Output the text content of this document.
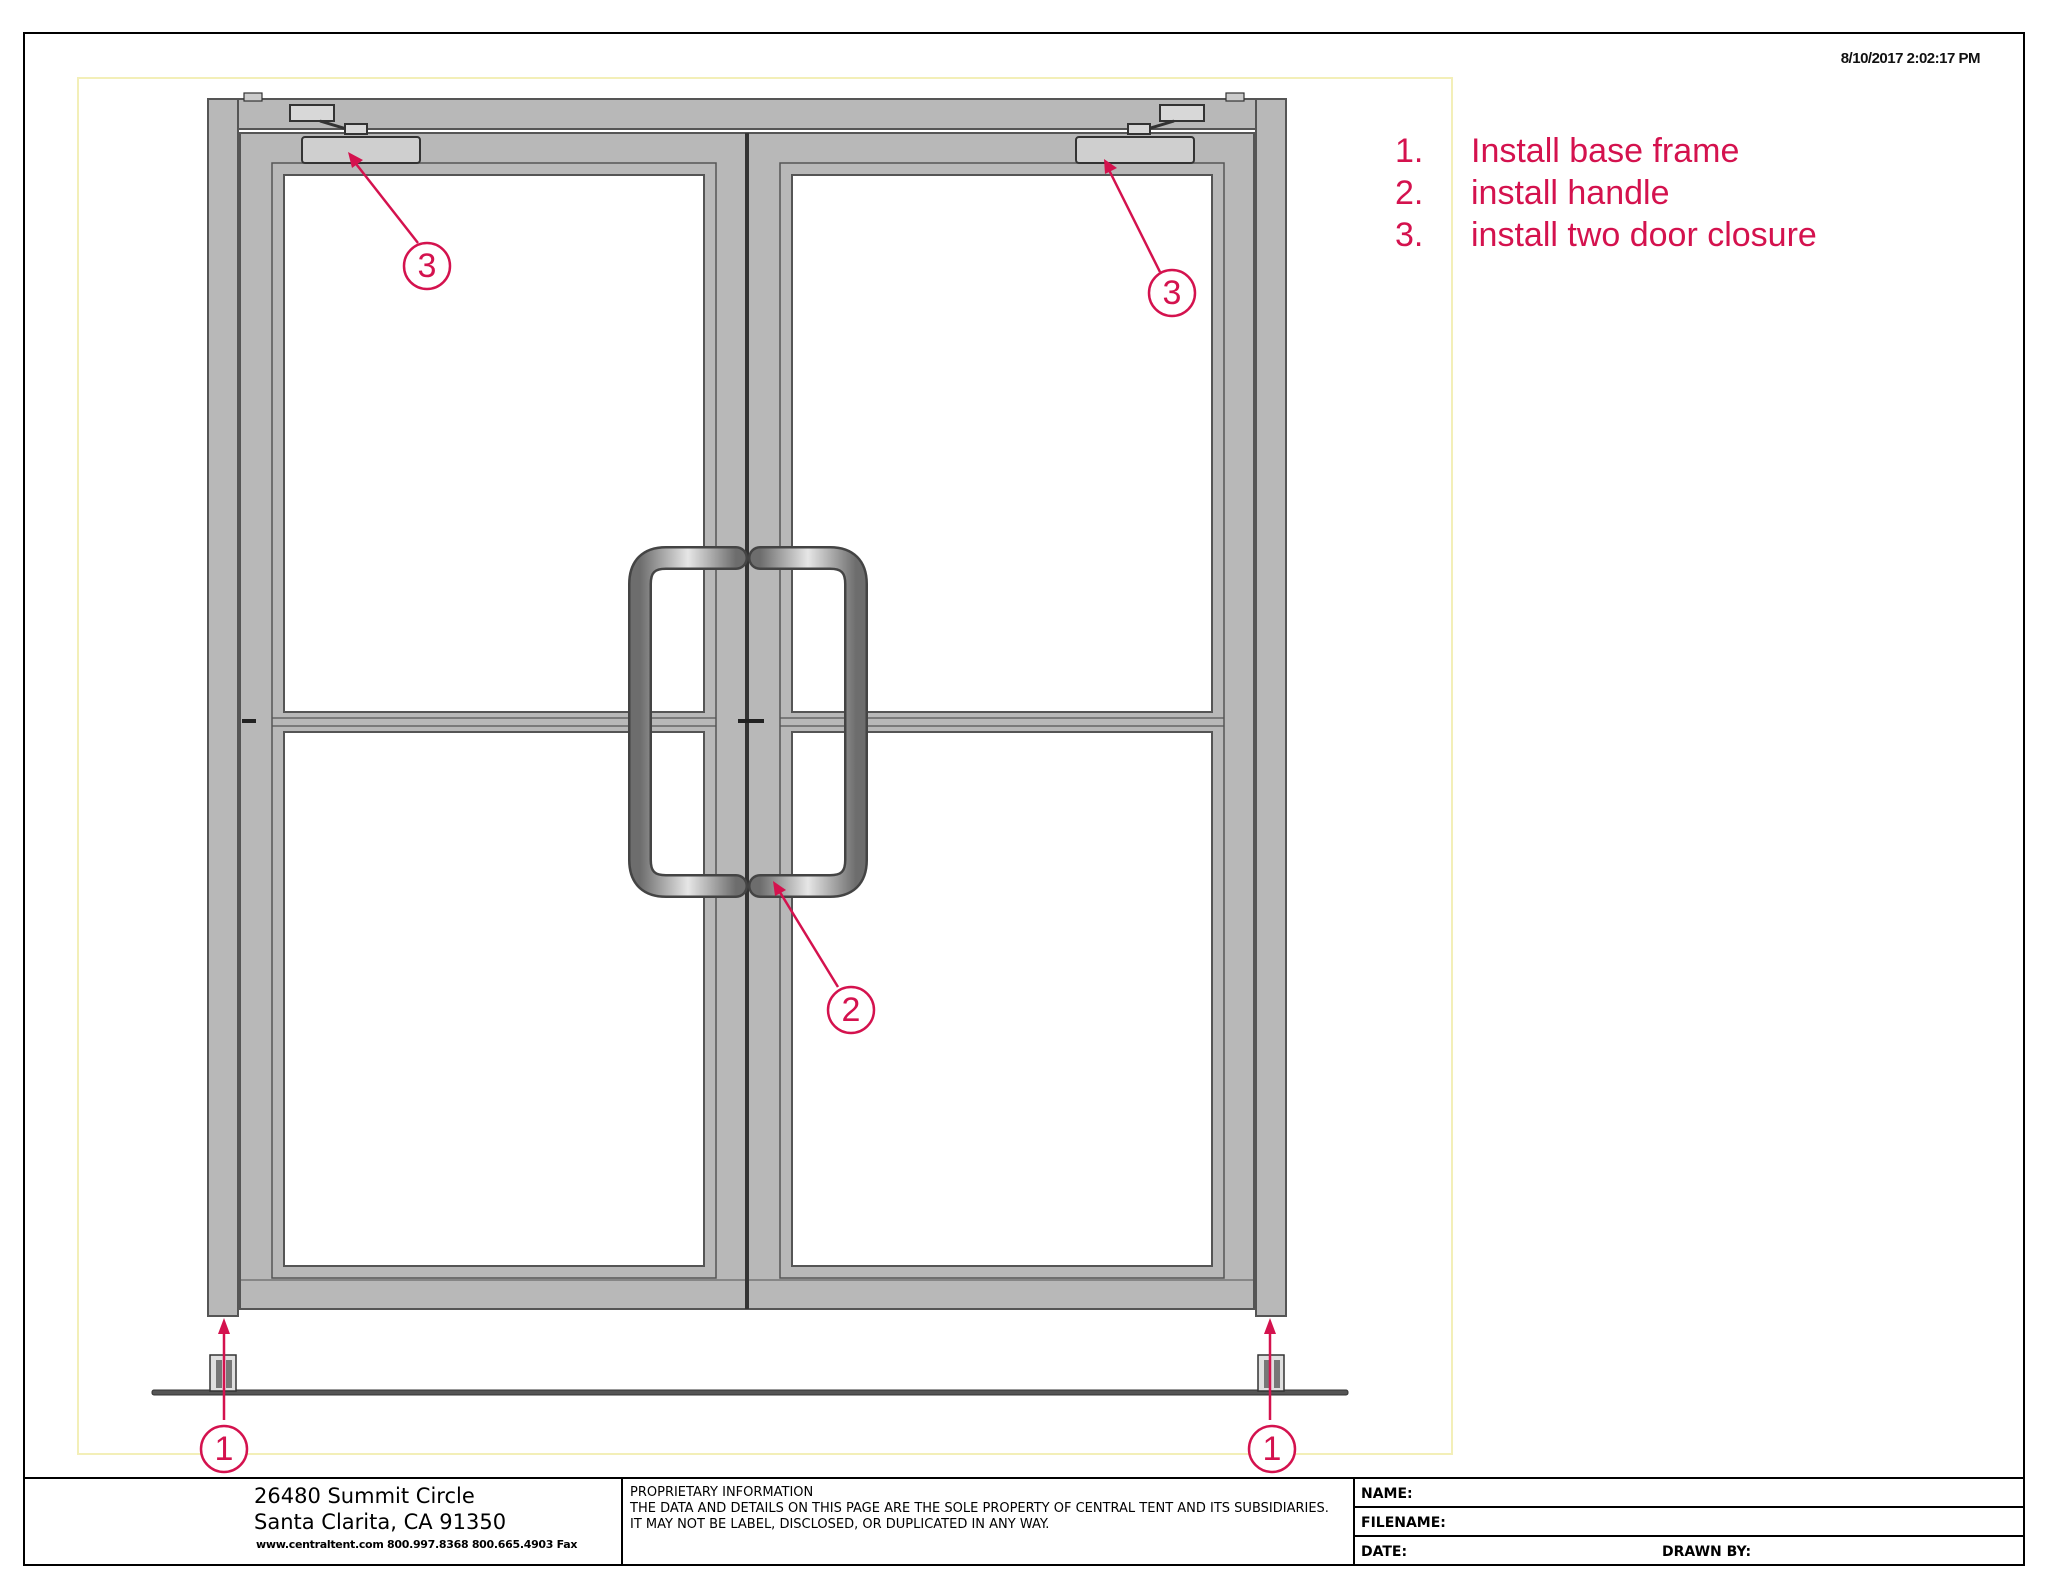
8/10/2017 2:02:17 PM
1.	Install base frame
2.	install handle
3.	install two door closure
3
3
2
1	1
26480 Summit Circle
Santa Clarita, CA 91350
www.centraltent.com 800.997.8368 800.665.4903 Fax
PROPRIETARY INFORMATION
THE DATA AND DETAILS ON THIS PAGE ARE THE SOLE PROPERTY OF CENTRAL TENT AND ITS SUBSIDIARIES. IT MAY NOT BE LABEL, DISCLOSED, OR DUPLICATED IN ANY WAY.
NAME:
FILENAME:
DATE:	DRAWN BY:
